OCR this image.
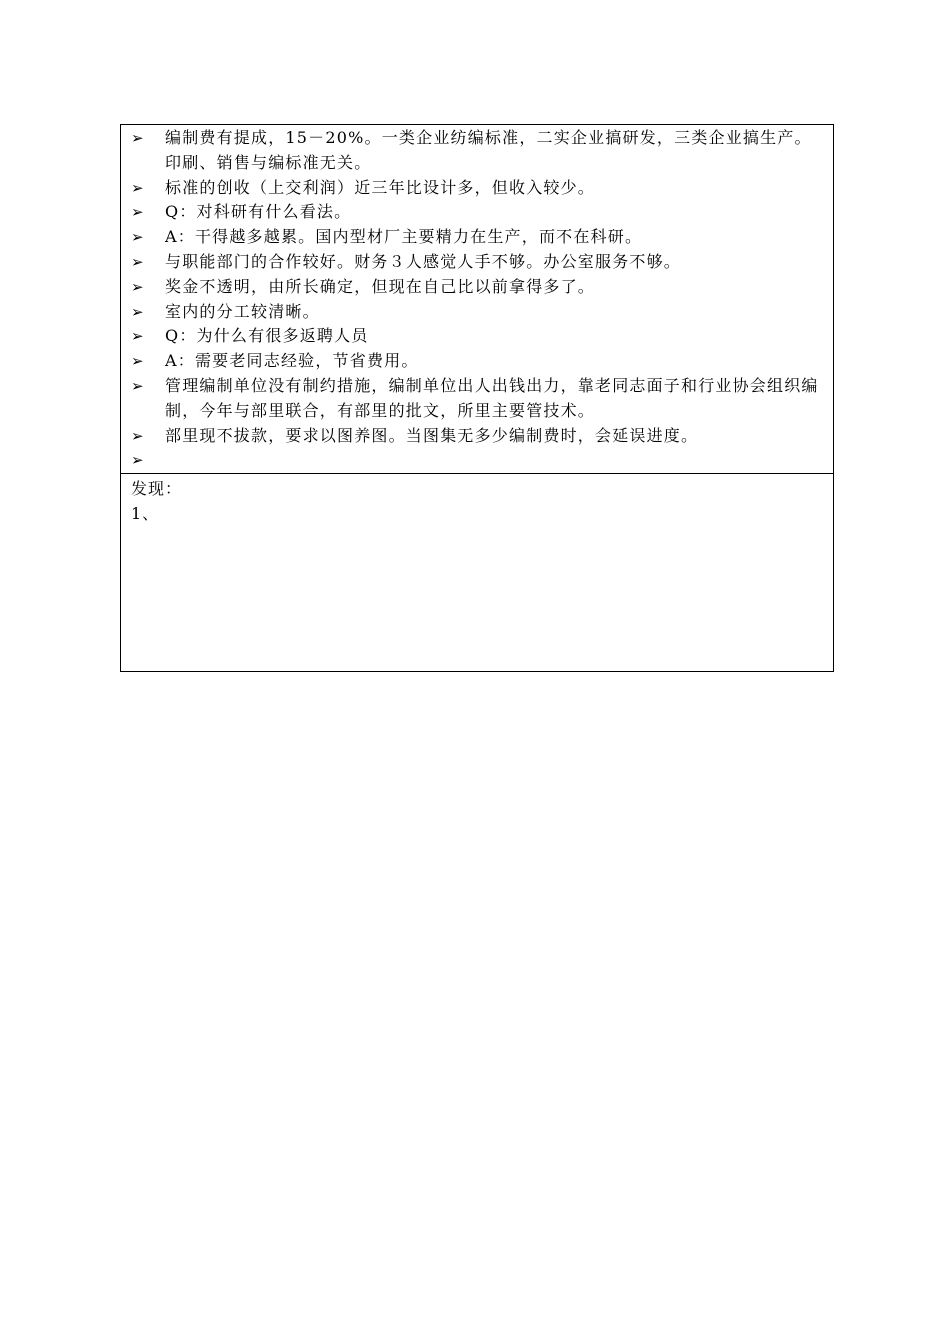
➢	编制费有提成，15－20%。一类企业纺编标准，二实企业搞研发，三类企业搞生产。印刷、销售与编标准无关。
➢	标准的创收（上交利润）近三年比设计多，但收入较少。
➢	Q：对科研有什么看法。
➢	A：干得越多越累。国内型材厂主要精力在生产，而不在科研。
➢	与职能部门的合作较好。财务３人感觉人手不够。办公室服务不够。
➢	奖金不透明，由所长确定，但现在自己比以前拿得多了。
➢	室内的分工较清晰。
➢	Q：为什么有很多返聘人员
➢	A：需要老同志经验，节省费用。
➢	管理编制单位没有制约措施，编制单位出人出钱出力，靠老同志面子和行业协会组织编制，今年与部里联合，有部里的批文，所里主要管技术。
➢	部里现不拔款，要求以图养图。当图集无多少编制费时，会延误进度。
➢
发现：
1、
